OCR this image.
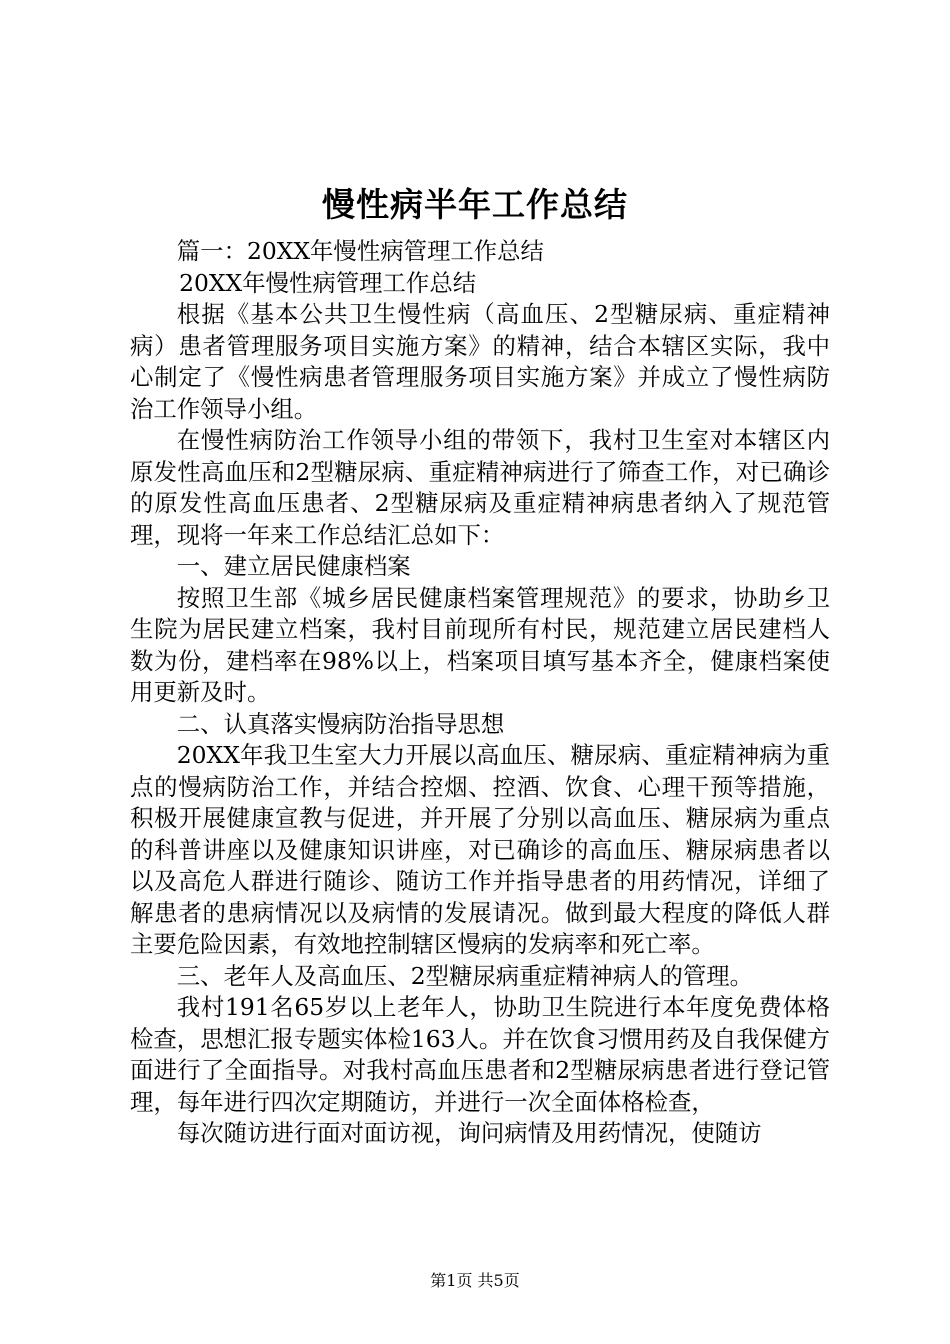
慢性病半年工作总结

篇一：20XX年慢性病管理工作总结

20XX年慢性病管理工作总结

根据《基本公共卫生慢性病（高血压、2型糖尿病、重症精神病）患者管理服务项目实施方案》的精神，结合本辖区实际，我中心制定了《慢性病患者管理服务项目实施方案》并成立了慢性病防治工作领导小组。

在慢性病防治工作领导小组的带领下，我村卫生室对本辖区内原发性高血压和2型糖尿病、重症精神病进行了筛查工作，对已确诊的原发性高血压患者、2型糖尿病及重症精神病患者纳入了规范管理，现将一年来工作总结汇总如下：

一、建立居民健康档案

按照卫生部《城乡居民健康档案管理规范》的要求，协助乡卫生院为居民建立档案，我村目前现所有村民，规范建立居民建档人数为份，建档率在98%以上，档案项目填写基本齐全，健康档案使用更新及时。

二、认真落实慢病防治指导思想

20XX年我卫生室大力开展以高血压、糖尿病、重症精神病为重点的慢病防治工作，并结合控烟、控酒、饮食、心理干预等措施，积极开展健康宣教与促进，并开展了分别以高血压、糖尿病为重点的科普讲座以及健康知识讲座，对已确诊的高血压、糖尿病患者以以及高危人群进行随诊、随访工作并指导患者的用药情况，详细了解患者的患病情况以及病情的发展请况。做到最大程度的降低人群主要危险因素，有效地控制辖区慢病的发病率和死亡率。

三、老年人及高血压、2型糖尿病重症精神病人的管理。

我村191名65岁以上老年人，协助卫生院进行本年度免费体格检查，思想汇报专题实体检163人。并在饮食习惯用药及自我保健方面进行了全面指导。对我村高血压患者和2型糖尿病患者进行登记管理，每年进行四次定期随访，并进行一次全面体格检查，

每次随访进行面对面访视，询问病情及用药情况，使随访

第1页 共5页
